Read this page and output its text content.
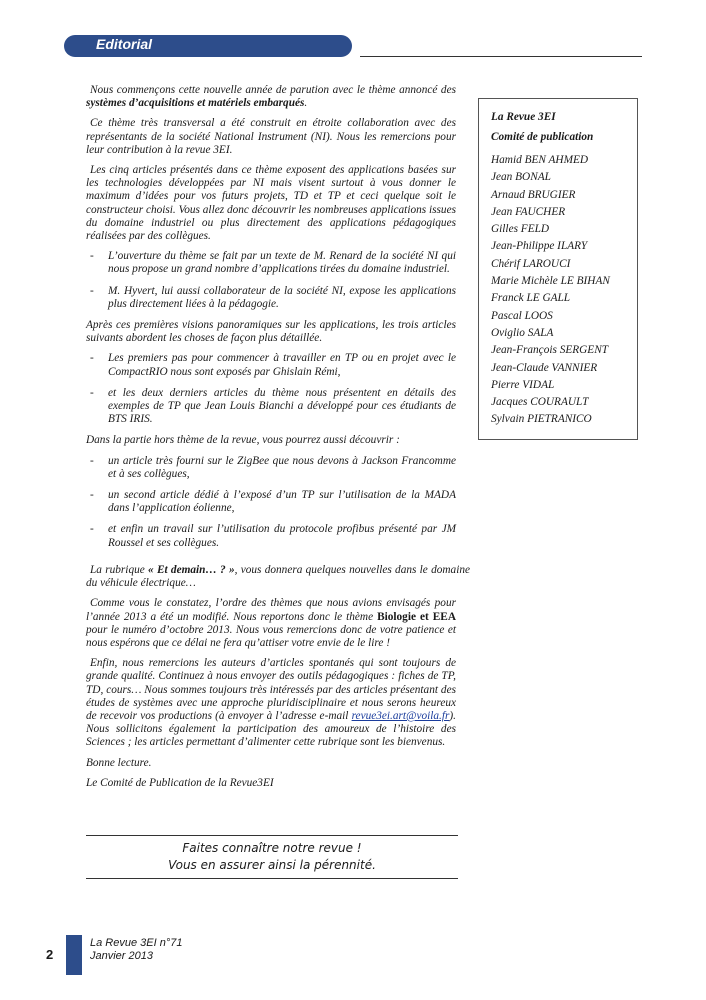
Editorial

Nous commençons cette nouvelle année de parution avec le thème annoncé des systèmes d’acquisitions et matériels embarqués.

Ce thème très transversal a été construit en étroite collaboration avec des représentants de la société National Instrument (NI). Nous les remercions pour leur contribution à la revue 3EI.

Les cinq articles présentés dans ce thème exposent des applications basées sur les technologies développées par NI mais visent surtout à vous donner le maximum d’idées pour vos futurs projets, TD et TP et ceci quelque soit le constructeur choisi. Vous allez donc découvrir les nombreuses applications issues du domaine industriel ou plus directement des applications pédagogiques réalisées par des collègues.

- L’ouverture du thème se fait par un texte de M. Renard de la société NI qui nous propose un grand nombre d’applications tirées du domaine industriel.
- M. Hyvert, lui aussi collaborateur de la société NI, expose les applications plus directement liées à la pédagogie.

Après ces premières visions panoramiques sur les applications, les trois articles suivants abordent les choses de façon plus détaillée.

- Les premiers pas pour commencer à travailler en TP ou en projet avec le CompactRIO nous sont exposés par Ghislain Rémi,
- et les deux derniers articles du thème nous présentent en détails des exemples de TP que Jean Louis Bianchi a développé pour ces étudiants de BTS IRIS.

Dans la partie hors thème de la revue, vous pourrez aussi découvrir :

- un article très fourni sur le ZigBee que nous devons à Jackson Francomme et à ses collègues,
- un second article dédié à l’exposé d’un TP sur l’utilisation de la MADA dans l’application éolienne,
- et enfin un travail sur l’utilisation du protocole profibus présenté par JM Roussel et ses collègues.

La rubrique « Et demain… ? », vous donnera quelques nouvelles dans le domaine du véhicule électrique…

Comme vous le constatez, l’ordre des thèmes que nous avions envisagés pour l’année 2013 a été un modifié. Nous reportons donc le thème Biologie et EEA pour le numéro d’octobre 2013. Nous vous remercions donc de votre patience et nous espérons que ce délai ne fera qu’attiser votre envie de le lire !

Enfin, nous remercions les auteurs d’articles spontanés qui sont toujours de grande qualité. Continuez à nous envoyer des outils pédagogiques : fiches de TP, TD, cours… Nous sommes toujours très intéressés par des articles présentant des études de systèmes avec une approche pluridisciplinaire et nous serons heureux de recevoir vos productions (à envoyer à l’adresse e-mail revue3ei.art@voila.fr). Nous sollicitons également la participation des amoureux de l’histoire des Sciences ; les articles permettant d’alimenter cette rubrique sont les bienvenus.

Bonne lecture.

Le Comité de Publication de la Revue3EI

La Revue 3EI
Comité de publication
Hamid BEN AHMED
Jean BONAL
Arnaud BRUGIER
Jean FAUCHER
Gilles FELD
Jean-Philippe ILARY
Chérif LAROUCI
Marie Michèle LE BIHAN
Franck LE GALL
Pascal LOOS
Oviglio SALA
Jean-François SERGENT
Jean-Claude VANNIER
Pierre VIDAL
Jacques COURAULT
Sylvain PIETRANICO
Faites connaître notre revue !
Vous en assurer ainsi la pérennité.
2
La Revue 3EI n°71
Janvier 2013
